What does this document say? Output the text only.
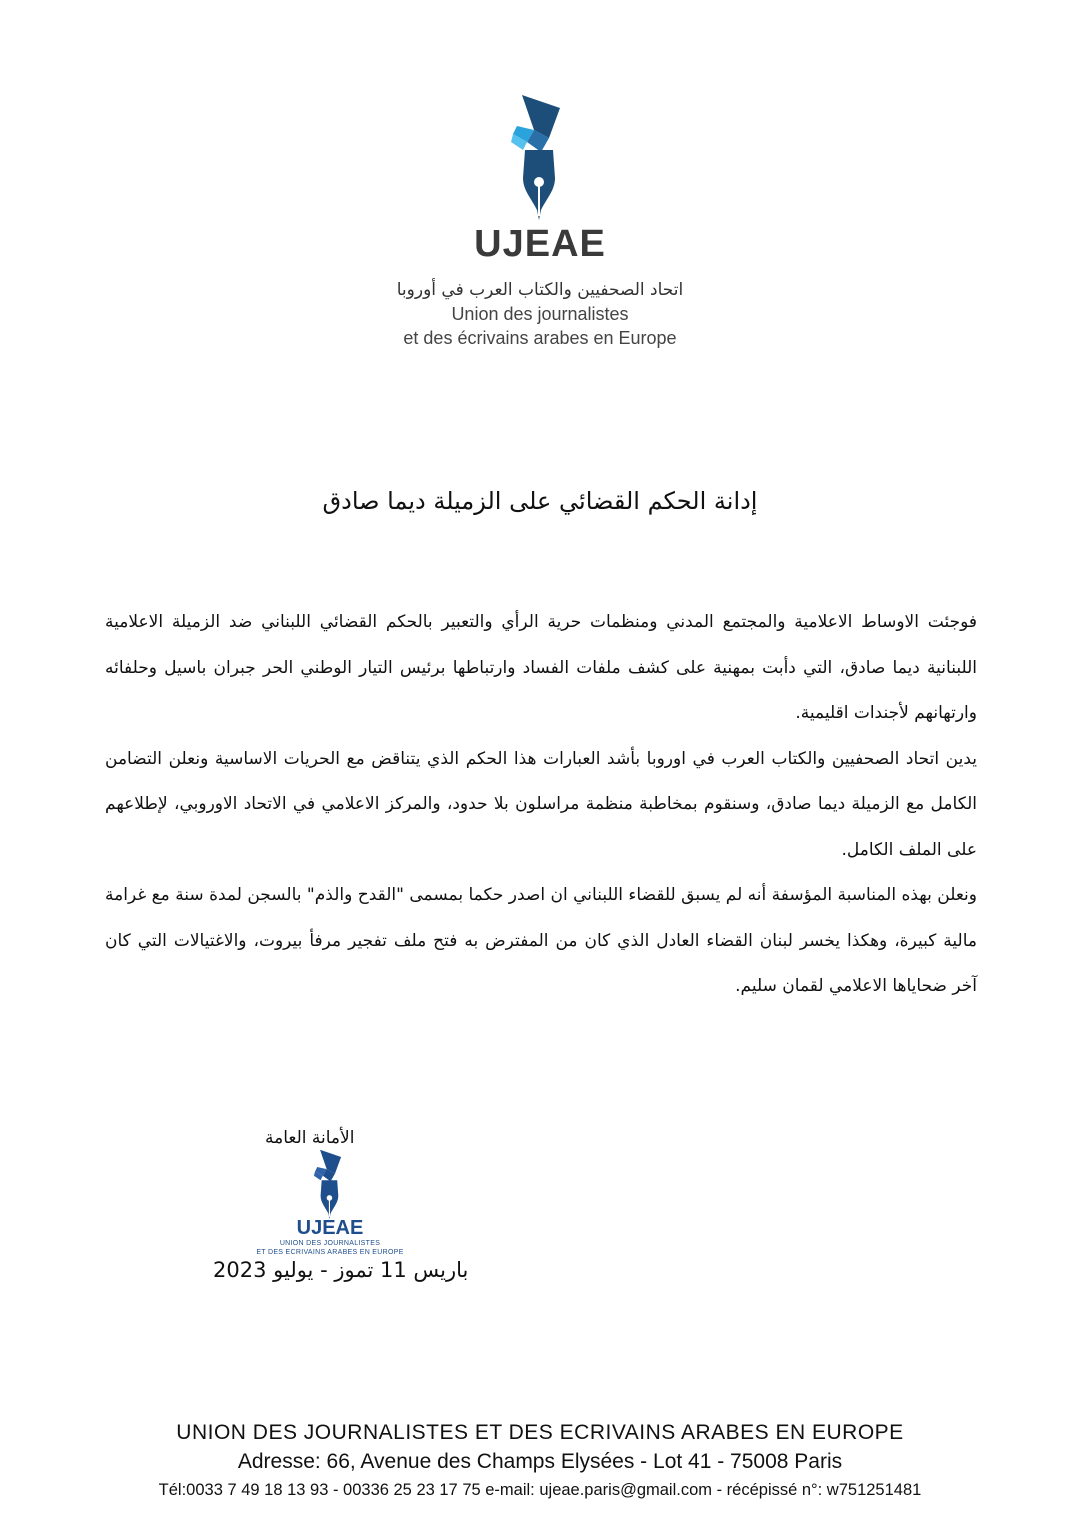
UJEAE
اتحاد الصحفيين والكتاب العرب في أوروبا
Union des journalistes
et des écrivains arabes en Europe
إدانة الحكم القضائي على الزميلة ديما صادق

فوجئت الاوساط الاعلامية والمجتمع المدني ومنظمات حرية الرأي والتعبير بالحكم القضائي اللبناني ضد الزميلة الاعلامية اللبنانية ديما صادق، التي دأبت بمهنية على كشف ملفات الفساد وارتباطها برئيس التيار الوطني الحر جبران باسيل وحلفائه وارتهانهم لأجندات اقليمية.

يدين اتحاد الصحفيين والكتاب العرب في اوروبا بأشد العبارات هذا الحكم الذي يتناقض مع الحريات الاساسية ونعلن التضامن الكامل مع الزميلة ديما صادق، وسنقوم بمخاطبة منظمة مراسلون بلا حدود، والمركز الاعلامي في الاتحاد الاوروبي، لإطلاعهم على الملف الكامل.

ونعلن بهذه المناسبة المؤسفة أنه لم يسبق للقضاء اللبناني ان اصدر حكما بمسمى "القدح والذم" بالسجن لمدة سنة مع غرامة مالية كبيرة، وهكذا يخسر لبنان القضاء العادل الذي كان من المفترض به فتح ملف تفجير مرفأ بيروت، والاغتيالات التي كان آخر ضحاياها الاعلامي لقمان سليم.

الأمانة العامة
UJEAE
UNION DES JOURNALISTES
ET DES ECRIVAINS ARABES EN EUROPE
باريس 11 تموز - يوليو 2023
UNION DES JOURNALISTES ET DES ECRIVAINS ARABES EN EUROPE
Adresse: 66, Avenue des Champs Elysées - Lot 41 - 75008 Paris
Tél:0033 7 49 18 13 93 - 00336 25 23 17 75 e-mail: ujeae.paris@gmail.com - récépissé n°: w751251481
